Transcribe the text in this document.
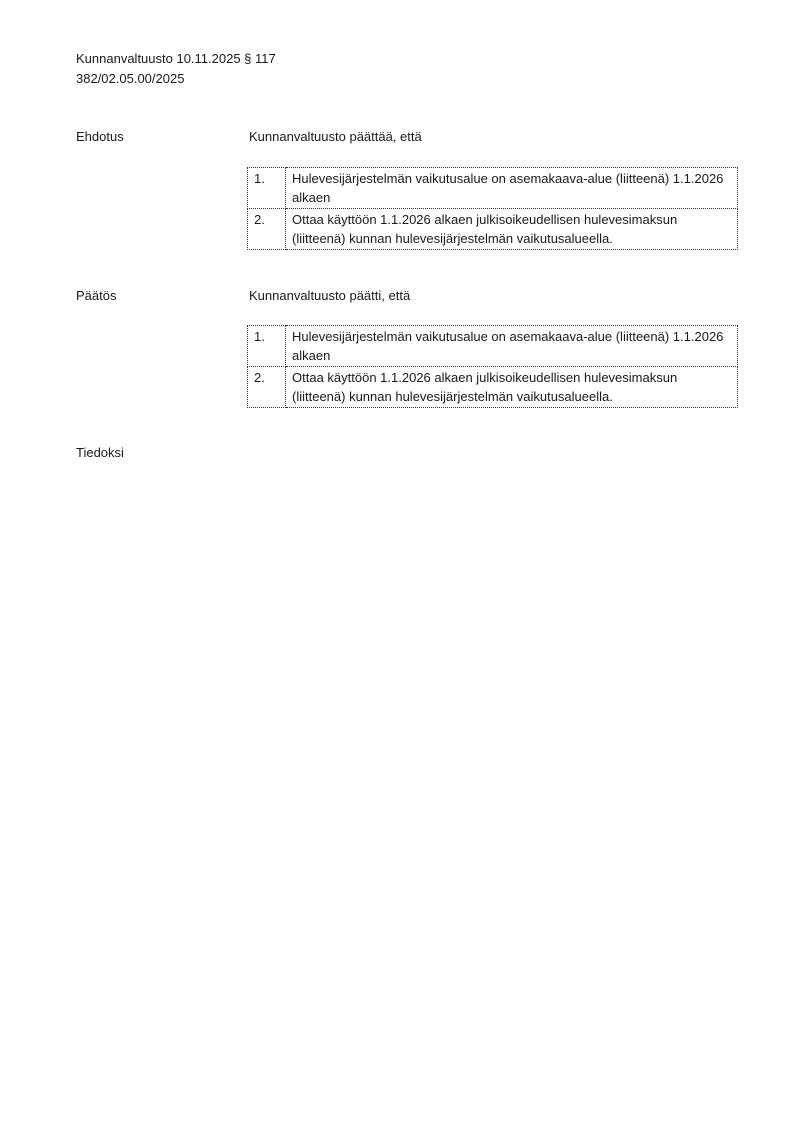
Kunnanvaltuusto 10.11.2025 § 117
382/02.05.00/2025
Ehdotus	Kunnanvaltuusto päättää, että
1.	Hulevesijärjestelmän vaikutusalue on asemakaava-alue (liitteenä) 1.1.2026 alkaen
2.	Ottaa käyttöön 1.1.2026 alkaen julkisoikeudellisen hulevesimaksun (liitteenä) kunnan hulevesijärjestelmän vaikutusalueella.
Päätös	Kunnanvaltuusto päätti, että
1.	Hulevesijärjestelmän vaikutusalue on asemakaava-alue (liitteenä) 1.1.2026 alkaen
2.	Ottaa käyttöön 1.1.2026 alkaen julkisoikeudellisen hulevesimaksun (liitteenä) kunnan hulevesijärjestelmän vaikutusalueella.
Tiedoksi
